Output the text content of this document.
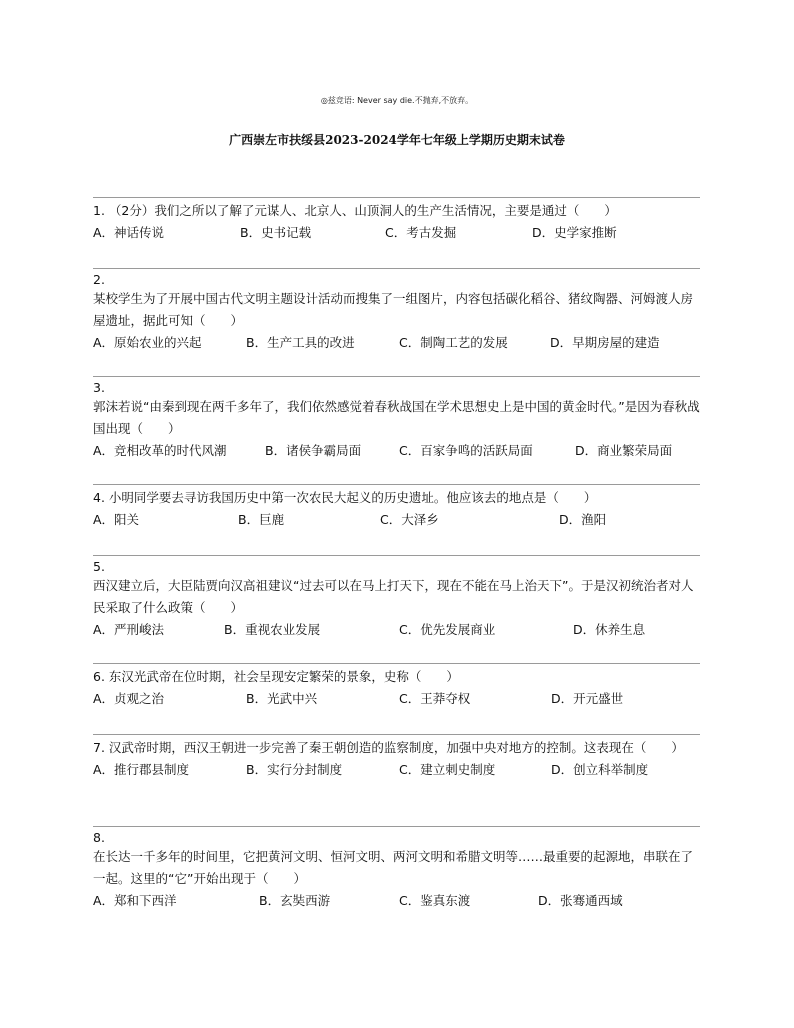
◎兹竞语: Never say die.不抛弃,不放弃。
广西崇左市扶绥县2023-2024学年七年级上学期历史期末试卷
1. （2分）我们之所以了解了元谋人、北京人、山顶洞人的生产生活情况，主要是通过（　　）
A．神话传说	B．史书记载	C．考古发掘	D．史学家推断
2.
某校学生为了开展中国古代文明主题设计活动而搜集了一组图片，内容包括碳化稻谷、猪纹陶器、河姆渡人房屋遗址，据此可知（　　）
A．原始农业的兴起	B．生产工具的改进	C．制陶工艺的发展	D．早期房屋的建造
3.
郭沫若说“由秦到现在两千多年了，我们依然感觉着春秋战国在学术思想史上是中国的黄金时代。”是因为春秋战国出现（　　）
A．竞相改革的时代风潮	B．诸侯争霸局面	C．百家争鸣的活跃局面	D．商业繁荣局面
4. 小明同学要去寻访我国历史中第一次农民大起义的历史遗址。他应该去的地点是（　　）
A．阳关	B．巨鹿	C．大泽乡	D．渔阳
5.
西汉建立后，大臣陆贾向汉高祖建议“过去可以在马上打天下，现在不能在马上治天下”。于是汉初统治者对人民采取了什么政策（　　）
A．严刑峻法	B．重视农业发展	C．优先发展商业	D．休养生息
6. 东汉光武帝在位时期，社会呈现安定繁荣的景象，史称（　　）
A．贞观之治	B．光武中兴	C．王莽夺权	D．开元盛世
7. 汉武帝时期，西汉王朝进一步完善了秦王朝创造的监察制度，加强中央对地方的控制。这表现在（　　）
A．推行郡县制度	B．实行分封制度	C．建立刺史制度	D．创立科举制度
8.
在长达一千多年的时间里，它把黄河文明、恒河文明、两河文明和希腊文明等……最重要的起源地，串联在了一起。这里的“它”开始出现于（　　）
A．郑和下西洋	B．玄奘西游	C．鉴真东渡	D．张骞通西域
